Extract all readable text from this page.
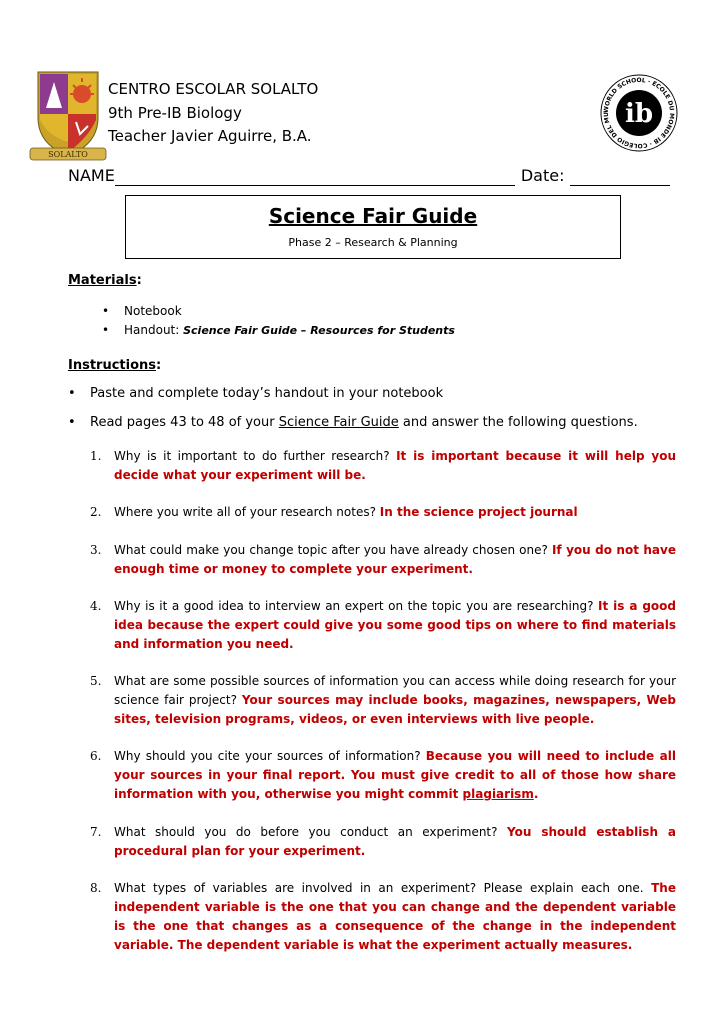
SOLALTO
CENTRO ESCOLAR SOLALTO
9th Pre-IB Biology
Teacher Javier Aguirre, B.A.
WORLD SCHOOL · ÉCOLE DU MONDE IB · COLEGIO DEL MU ib
NAME	Date:
Science Fair Guide
Phase 2 – Research & Planning
Materials:
• Notebook
• Handout: Science Fair Guide – Resources for Students
Instructions:
• Paste and complete today’s handout in your notebook
• Read pages 43 to 48 of your Science Fair Guide and answer the following questions.
1.	Why is it important to do further research? It is important because it will help you decide what your experiment will be.
2.	Where you write all of your research notes? In the science project journal
3.	What could make you change topic after you have already chosen one? If you do not have enough time or money to complete your experiment.
4.	Why is it a good idea to interview an expert on the topic you are researching? It is a good idea because the expert could give you some good tips on where to find materials and information you need.
5.	What are some possible sources of information you can access while doing research for your science fair project? Your sources may include books, magazines, newspapers, Web sites, television programs, videos, or even interviews with live people.
6.	Why should you cite your sources of information? Because you will need to include all your sources in your final report. You must give credit to all of those how share information with you, otherwise you might commit plagiarism.
7.	What should you do before you conduct an experiment? You should establish a procedural plan for your experiment.
8.	What types of variables are involved in an experiment? Please explain each one. The independent variable is the one that you can change and the dependent variable is the one that changes as a consequence of the change in the independent variable. The dependent variable is what the experiment actually measures.
